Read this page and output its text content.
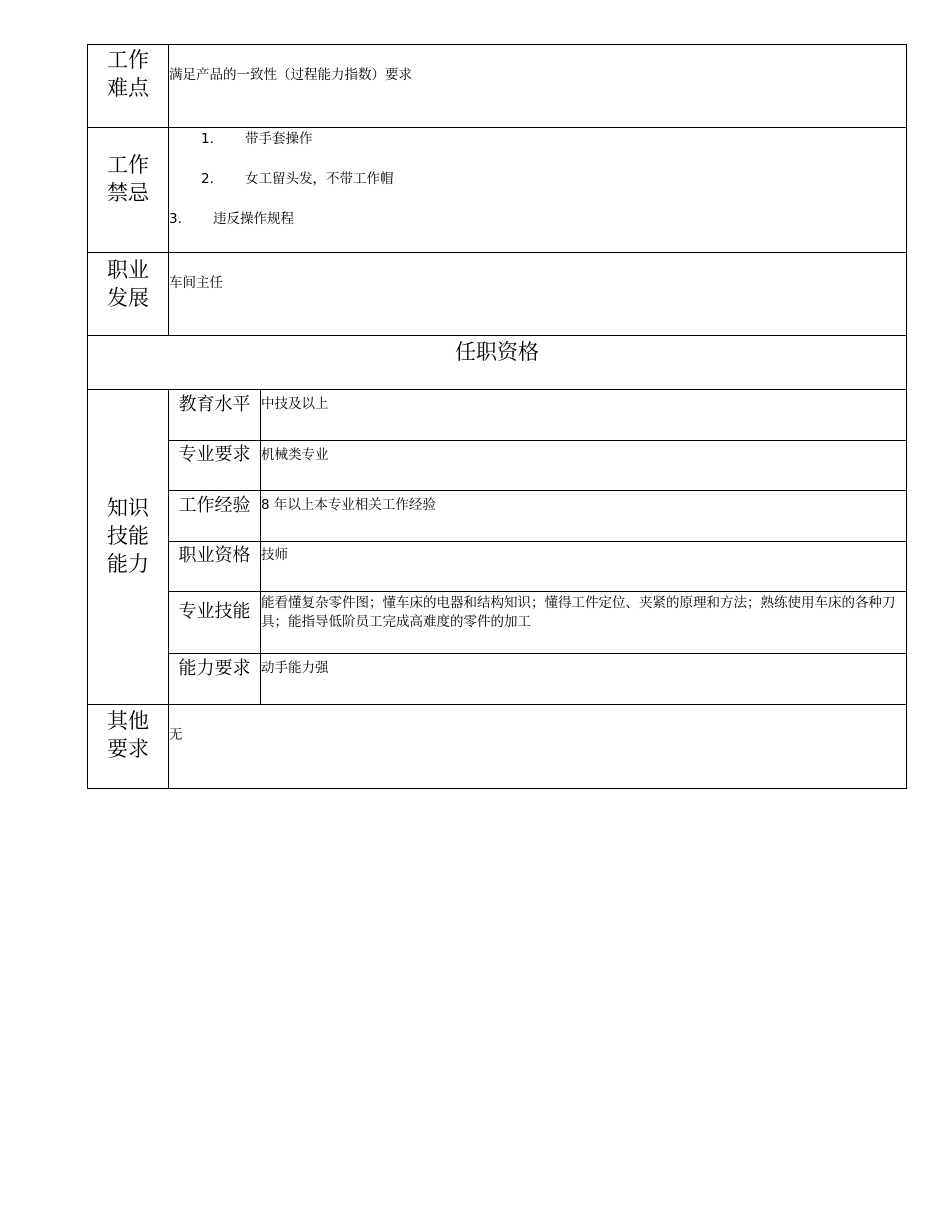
工作
难点
满足产品的一致性（过程能力指数）要求
工作
禁忌
1. 带手套操作
2. 女工留头发，不带工作帽
3. 违反操作规程
职业
发展
车间主任
任职资格
知识
技能
能力
教育水平 中技及以上
专业要求 机械类专业
工作经验 8 年以上本专业相关工作经验
职业资格 技师
专业技能 能看懂复杂零件图；懂车床的电器和结构知识；懂得工件定位、夹紧的原理和方法；熟练使用车床的各种刀具；能指导低阶员工完成高难度的零件的加工
能力要求 动手能力强
其他
要求
无
